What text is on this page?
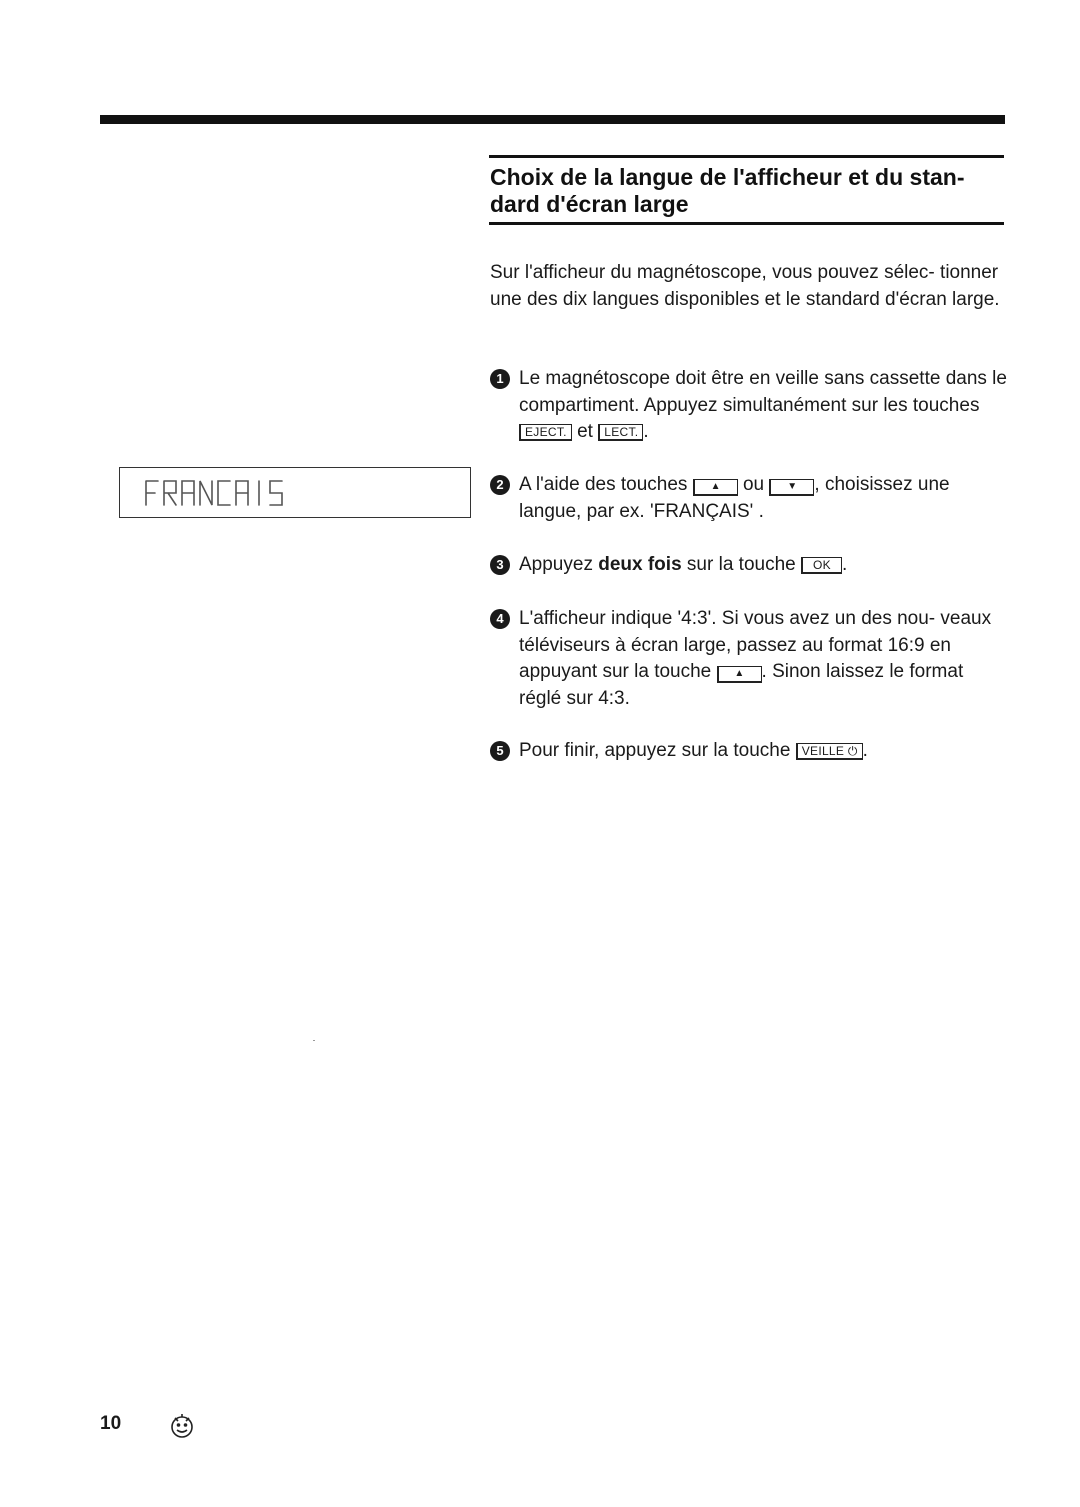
Choix de la langue de l'afficheur et du stan-
dard d'écran large

Sur l'afficheur du magnétoscope, vous pouvez sélec- tionner une des dix langues disponibles et le standard d'écran large.

1 Le magnétoscope doit être en veille sans cassette dans le compartiment. Appuyez simultanément sur les touches EJECT. et LECT. .
2 A l'aide des touches ▲ ou ▼ , choisissez une langue, par ex. 'FRANÇAIS' .
3 Appuyez deux fois sur la touche OK .
4 L'afficheur indique '4:3'. Si vous avez un des nou- veaux téléviseurs à écran large, passez au format 16:9 en appuyant sur la touche ▲ . Sinon laissez le format réglé sur 4:3.
5 Pour finir, appuyez sur la touche VEILLE ⏻ .
10
